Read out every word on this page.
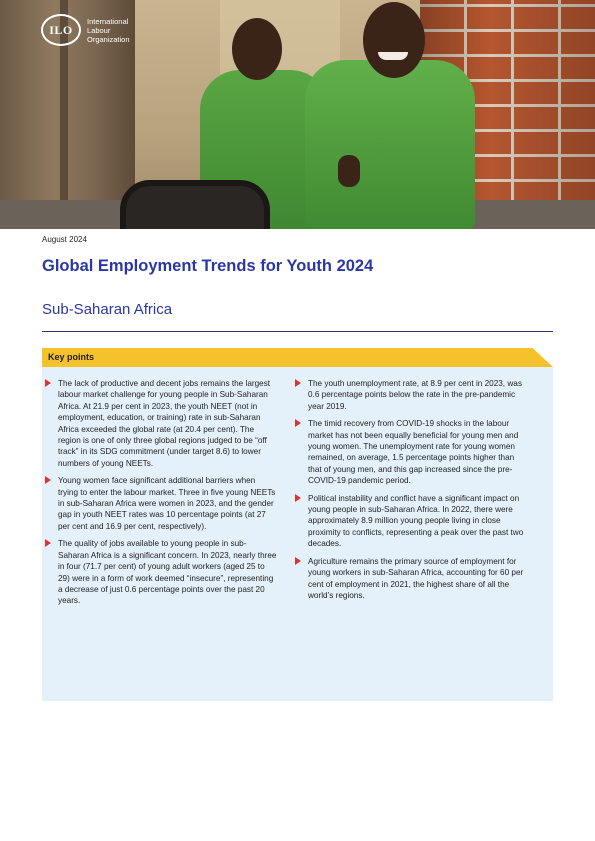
ILO
International
Labour
Organization
August 2024
Global Employment Trends for Youth 2024
Sub-Saharan Africa
Key points
The lack of productive and decent jobs remains the largest labour market challenge for young people in Sub-Saharan Africa. At 21.9 per cent in 2023, the youth NEET (not in employment, education, or training) rate in sub-Saharan Africa exceeded the global rate (at 20.4 per cent). The region is one of only three global regions judged to be “off track” in its SDG commitment (under target 8.6) to lower numbers of young NEETs.
Young women face significant additional barriers when trying to enter the labour market. Three in five young NEETs in sub-Saharan Africa were women in 2023, and the gender gap in youth NEET rates was 10 percentage points (at 27 per cent and 16.9 per cent, respectively).
The quality of jobs available to young people in sub-Saharan Africa is a significant concern. In 2023, nearly three in four (71.7 per cent) of young adult workers (aged 25 to 29) were in a form of work deemed “insecure”, representing a decrease of just 0.6 percentage points over the past 20 years.
The youth unemployment rate, at 8.9 per cent in 2023, was 0.6 percentage points below the rate in the pre-pandemic year 2019.
The timid recovery from COVID-19 shocks in the labour market has not been equally beneficial for young men and young women. The unemployment rate for young women remained, on average, 1.5 percentage points higher than that of young men, and this gap increased since the pre-COVID-19 pandemic period.
Political instability and conflict have a significant impact on young people in sub-Saharan Africa. In 2022, there were approximately 8.9 million young people living in close proximity to conflicts, representing a peak over the past two decades.
Agriculture remains the primary source of employment for young workers in sub-Saharan Africa, accounting for 60 per cent of employment in 2021, the highest share of all the world’s regions.
